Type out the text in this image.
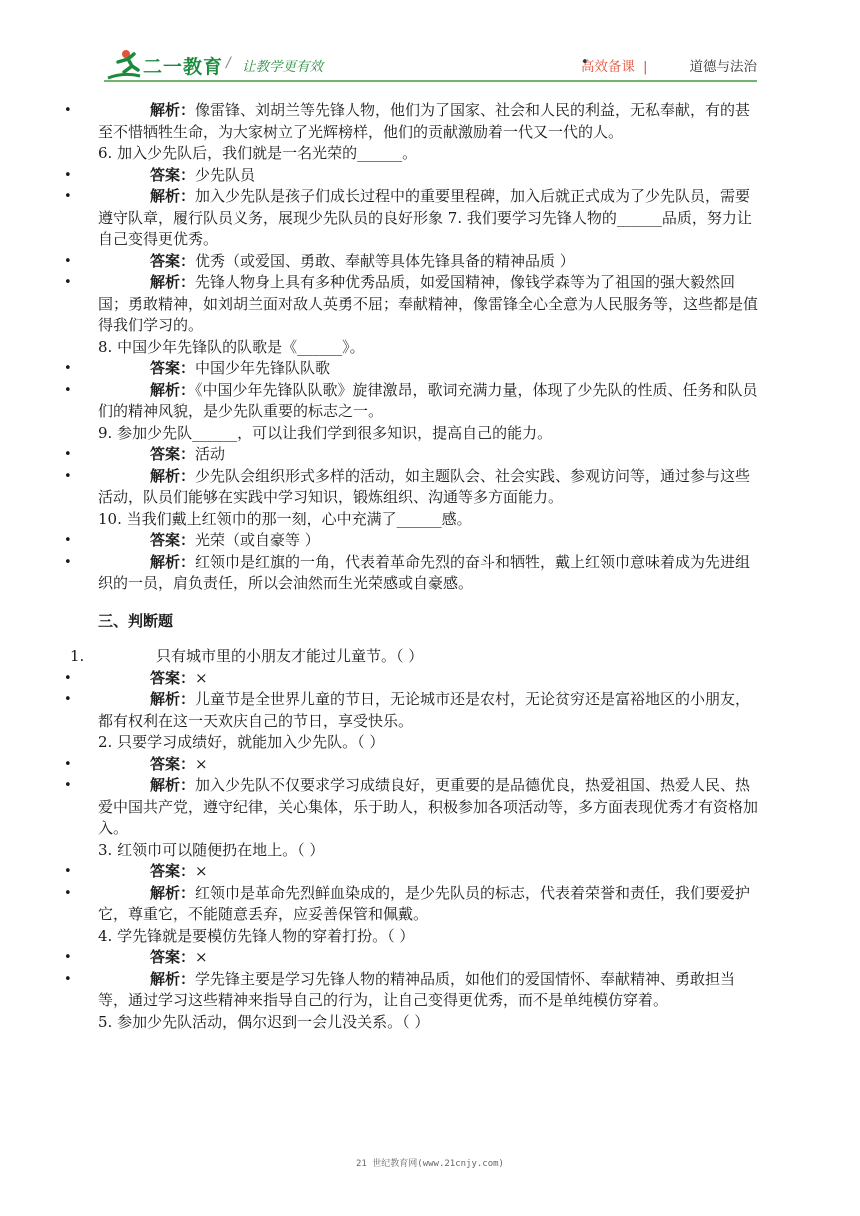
二一教育 / 让教学更有效	高效备课 |•	道德与法治
• 解析：像雷锋、刘胡兰等先锋人物，他们为了国家、社会和人民的利益，无私奉献，有的甚至不惜牺牲生命，为大家树立了光辉榜样，他们的贡献激励着一代又一代的人。
6. 加入少先队后，我们就是一名光荣的______。
• 答案：少先队员
• 解析：加入少先队是孩子们成长过程中的重要里程碑，加入后就正式成为了少先队员，需要遵守队章，履行队员义务，展现少先队员的良好形象 7. 我们要学习先锋人物的______品质，努力让自己变得更优秀。
• 答案：优秀（或爱国、勇敢、奉献等具体先锋具备的精神品质 ）
• 解析：先锋人物身上具有多种优秀品质，如爱国精神，像钱学森等为了祖国的强大毅然回国；勇敢精神，如刘胡兰面对敌人英勇不屈；奉献精神，像雷锋全心全意为人民服务等，这些都是值得我们学习的。
8. 中国少年先锋队的队歌是《______》。
• 答案：中国少年先锋队队歌
• 解析：《中国少年先锋队队歌》旋律激昂，歌词充满力量，体现了少先队的性质、任务和队员们的精神风貌，是少先队重要的标志之一。
9. 参加少先队______，可以让我们学到很多知识，提高自己的能力。
• 答案：活动
• 解析：少先队会组织形式多样的活动，如主题队会、社会实践、参观访问等，通过参与这些活动，队员们能够在实践中学习知识，锻炼组织、沟通等多方面能力。
10. 当我们戴上红领巾的那一刻，心中充满了______感。
• 答案：光荣（或自豪等 ）
• 解析：红领巾是红旗的一角，代表着革命先烈的奋斗和牺牲，戴上红领巾意味着成为先进组织的一员，肩负责任，所以会油然而生光荣感或自豪感。
三、判断题
1.	只有城市里的小朋友才能过儿童节。（ ）
• 答案：×
• 解析：儿童节是全世界儿童的节日，无论城市还是农村，无论贫穷还是富裕地区的小朋友，都有权利在这一天欢庆自己的节日，享受快乐。
2. 只要学习成绩好，就能加入少先队。（ ）
• 答案：×
• 解析：加入少先队不仅要求学习成绩良好，更重要的是品德优良，热爱祖国、热爱人民、热爱中国共产党，遵守纪律，关心集体，乐于助人，积极参加各项活动等，多方面表现优秀才有资格加入。
3. 红领巾可以随便扔在地上。（ ）
• 答案：×
• 解析：红领巾是革命先烈鲜血染成的，是少先队员的标志，代表着荣誉和责任，我们要爱护它，尊重它，不能随意丢弃，应妥善保管和佩戴。
4. 学先锋就是要模仿先锋人物的穿着打扮。（ ）
• 答案：×
• 解析：学先锋主要是学习先锋人物的精神品质，如他们的爱国情怀、奉献精神、勇敢担当等，通过学习这些精神来指导自己的行为，让自己变得更优秀，而不是单纯模仿穿着。
5. 参加少先队活动，偶尔迟到一会儿没关系。（ ）
21 世纪教育网(www.21cnjy.com)
